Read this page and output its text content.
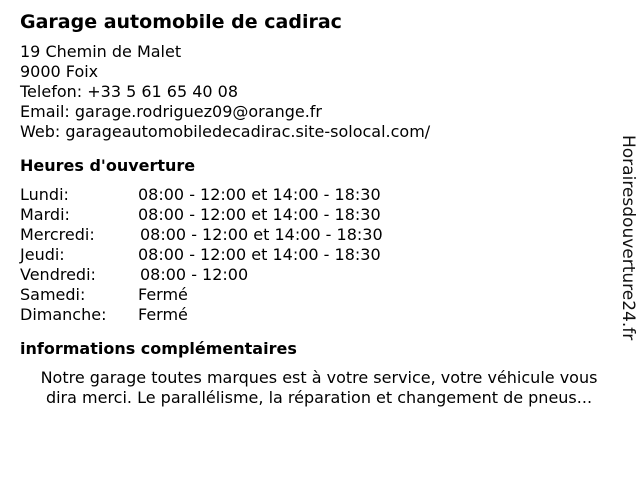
Garage automobile de cadirac
19 Chemin de Malet
9000 Foix
Telefon: +33 5 61 65 40 08
Email: garage.rodriguez09@orange.fr
Web: garageautomobiledecadirac.site-solocal.com/
Heures d'ouverture
Lundi:	08:00 - 12:00 et 14:00 - 18:30
Mardi:	08:00 - 12:00 et 14:00 - 18:30
Mercredi:	08:00 - 12:00 et 14:00 - 18:30
Jeudi:	08:00 - 12:00 et 14:00 - 18:30
Vendredi:	08:00 - 12:00
Samedi:	Fermé
Dimanche: Fermé
informations complémentaires
Notre garage toutes marques est à votre service, votre véhicule vous
dira merci. Le parallélisme, la réparation et changement de pneus...
Horairesdouverture24.fr
